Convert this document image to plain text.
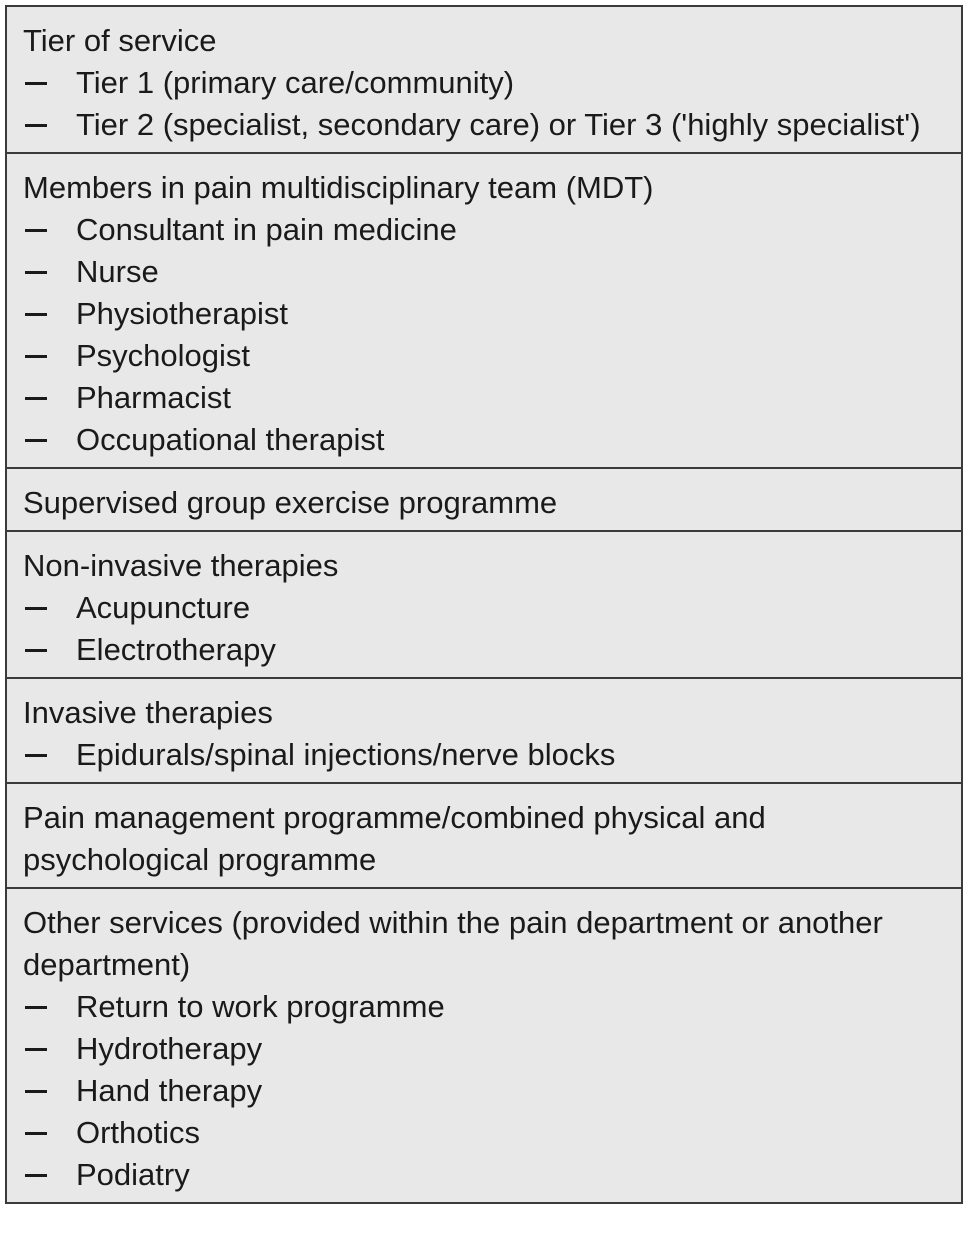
Tier of service

Tier 1 (primary care/community)
Tier 2 (specialist, secondary care) or Tier 3 ('highly specialist')

Members in pain multidisciplinary team (MDT)

Consultant in pain medicine
Nurse
Physiotherapist
Psychologist
Pharmacist
Occupational therapist

Supervised group exercise programme

Non-invasive therapies

Acupuncture
Electrotherapy

Invasive therapies

Epidurals/spinal injections/nerve blocks

Pain management programme/combined physical and psychological programme

Other services (provided within the pain department or another department)

Return to work programme
Hydrotherapy
Hand therapy
Orthotics
Podiatry
